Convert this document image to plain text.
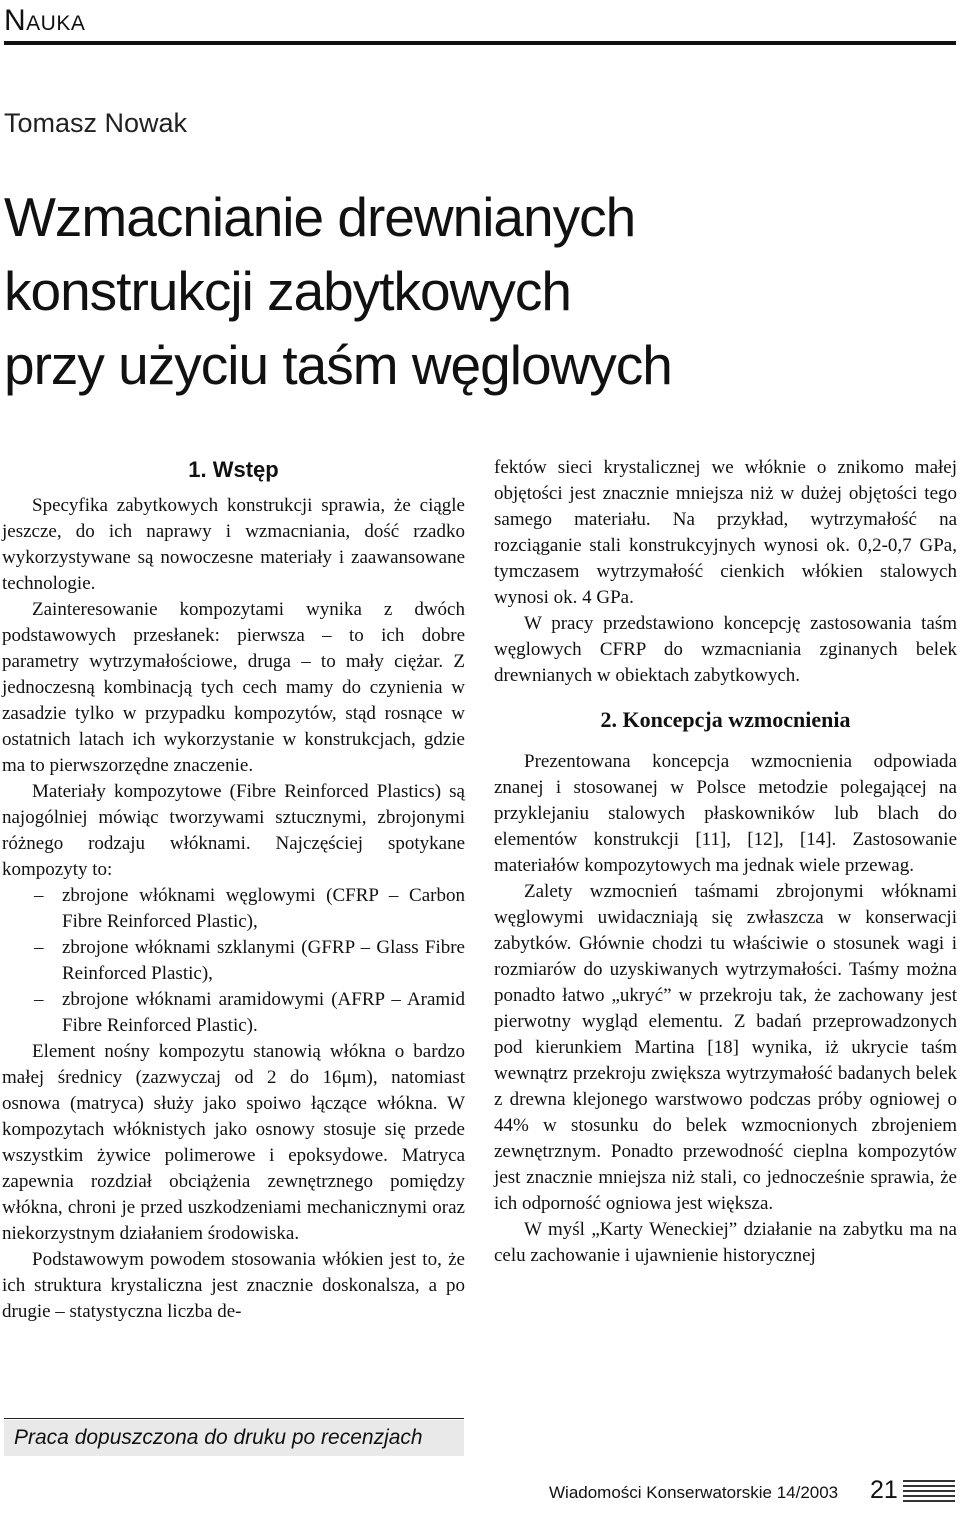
Nauka
Tomasz Nowak
Wzmacnianie drewnianych
konstrukcji zabytkowych
przy użyciu taśm węglowych
1. Wstęp

Specyfika zabytkowych konstrukcji sprawia, że ciągle jeszcze, do ich naprawy i wzmacniania, dość rzadko wykorzystywane są nowoczesne materiały i zaawansowane technologie.

Zainteresowanie kompozytami wynika z dwóch podstawowych przesłanek: pierwsza – to ich dobre parametry wytrzymałościowe, druga – to mały ciężar. Z jednoczesną kombinacją tych cech mamy do czynienia w zasadzie tylko w przypadku kompozytów, stąd rosnące w ostatnich latach ich wykorzystanie w konstrukcjach, gdzie ma to pierwszorzędne znaczenie.

Materiały kompozytowe (Fibre Reinforced Plastics) są najogólniej mówiąc tworzywami sztucznymi, zbrojonymi różnego rodzaju włóknami. Najczęściej spotykane kompozyty to:

– zbrojone włóknami węglowymi (CFRP – Carbon Fibre Reinforced Plastic),
– zbrojone włóknami szklanymi (GFRP – Glass Fibre Reinforced Plastic),
– zbrojone włóknami aramidowymi (AFRP – Aramid Fibre Reinforced Plastic).

Element nośny kompozytu stanowią włókna o bardzo małej średnicy (zazwyczaj od 2 do 16μm), natomiast osnowa (matryca) służy jako spoiwo łączące włókna. W kompozytach włóknistych jako osnowy stosuje się przede wszystkim żywice polimerowe i epoksydowe. Matryca zapewnia rozdział obciążenia zewnętrznego pomiędzy włókna, chroni je przed uszkodzeniami mechanicznymi oraz niekorzystnym działaniem środowiska.

Podstawowym powodem stosowania włókien jest to, że ich struktura krystaliczna jest znacznie doskonalsza, a po drugie – statystyczna liczba de-

fektów sieci krystalicznej we włóknie o znikomo małej objętości jest znacznie mniejsza niż w dużej objętości tego samego materiału. Na przykład, wytrzymałość na rozciąganie stali konstrukcyjnych wynosi ok. 0,2-0,7 GPa, tymczasem wytrzymałość cienkich włókien stalowych wynosi ok. 4 GPa.

W pracy przedstawiono koncepcję zastosowania taśm węglowych CFRP do wzmacniania zginanych belek drewnianych w obiektach zabytkowych.

2. Koncepcja wzmocnienia

Prezentowana koncepcja wzmocnienia odpowiada znanej i stosowanej w Polsce metodzie polegającej na przyklejaniu stalowych płaskowników lub blach do elementów konstrukcji [11], [12], [14]. Zastosowanie materiałów kompozytowych ma jednak wiele przewag.

Zalety wzmocnień taśmami zbrojonymi włóknami węglowymi uwidaczniają się zwłaszcza w konserwacji zabytków. Głównie chodzi tu właściwie o stosunek wagi i rozmiarów do uzyskiwanych wytrzymałości. Taśmy można ponadto łatwo „ukryć” w przekroju tak, że zachowany jest pierwotny wygląd elementu. Z badań przeprowadzonych pod kierunkiem Martina [18] wynika, iż ukrycie taśm wewnątrz przekroju zwiększa wytrzymałość badanych belek z drewna klejonego warstwowo podczas próby ogniowej o 44% w stosunku do belek wzmocnionych zbrojeniem zewnętrznym. Ponadto przewodność cieplna kompozytów jest znacznie mniejsza niż stali, co jednocześnie sprawia, że ich odporność ogniowa jest większa.

W myśl „Karty Weneckiej” działanie na zabytku ma na celu zachowanie i ujawnienie historycznej

Praca dopuszczona do druku po recenzjach
Wiadomości Konserwatorskie 14/2003 21
